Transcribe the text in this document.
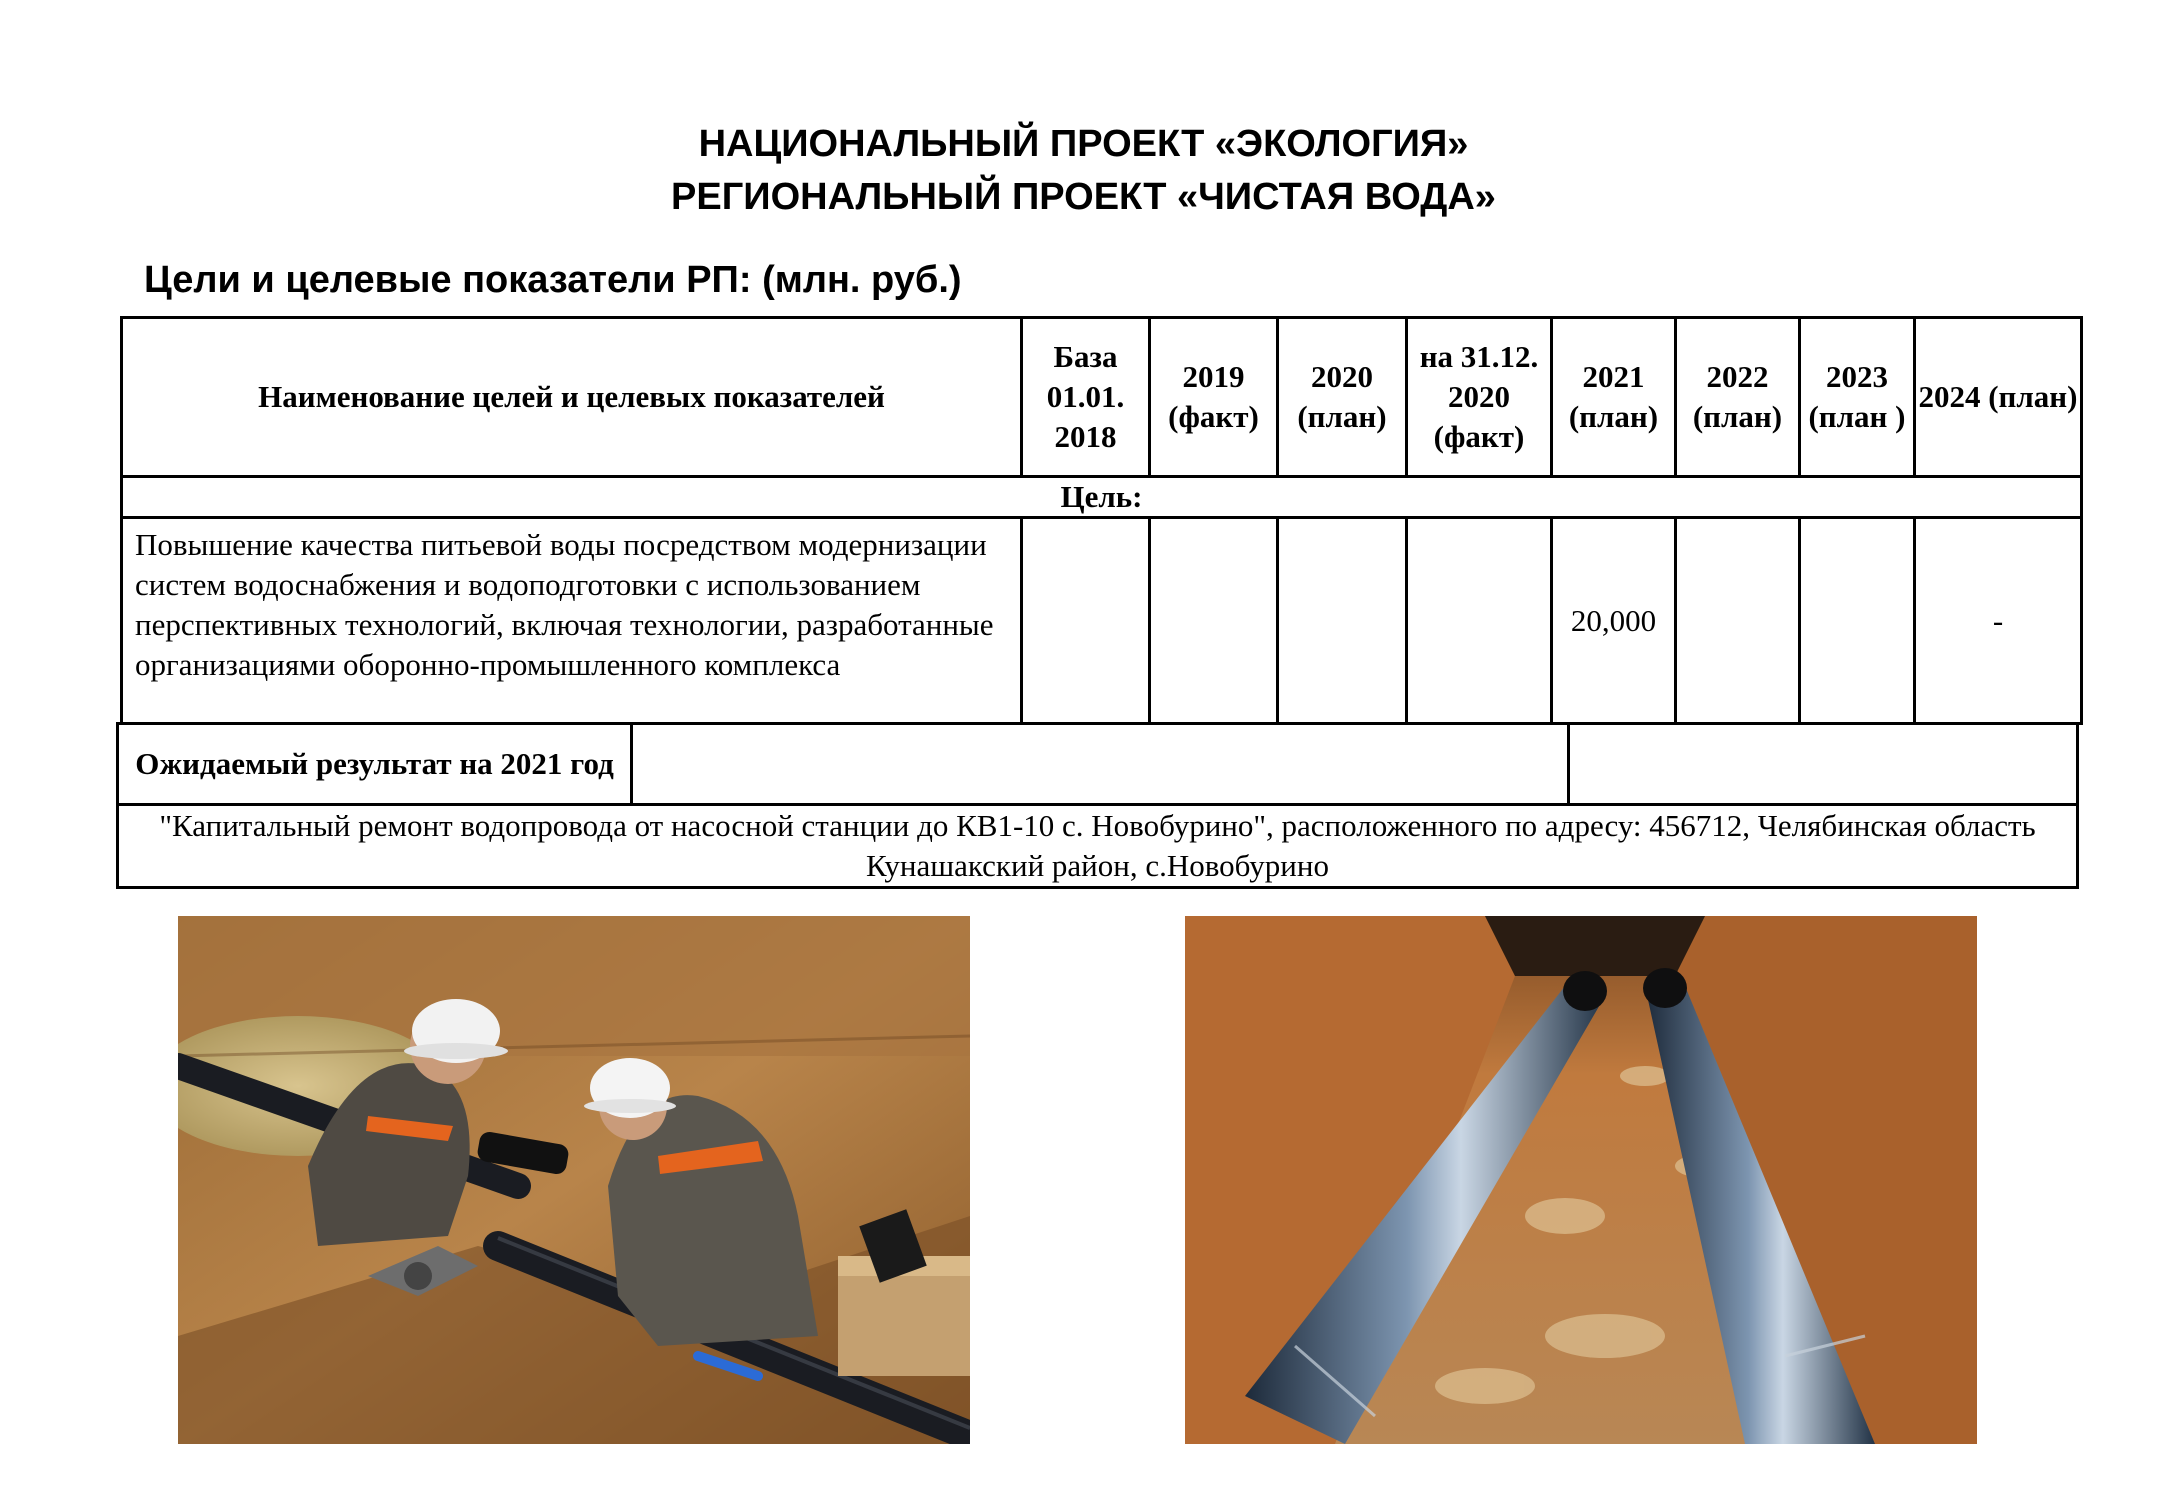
НАЦИОНАЛЬНЫЙ ПРОЕКТ «ЭКОЛОГИЯ»
РЕГИОНАЛЬНЫЙ ПРОЕКТ «ЧИСТАЯ ВОДА»
Цели и целевые показатели РП: (млн. руб.)
Наименование целей и целевых показателей	База 01.01. 2018	2019 (факт)	2020 (план)	на 31.12. 2020 (факт)	2021 (план)	2022 (план)	2023 (план )	2024 (план)
Цель:								
Повышение качества питьевой воды посредством модернизации систем водоснабжения и водоподготовки с использованием перспективных технологий, включая технологии, разработанные организациями оборонно-промышленного комплекса					20,000			-
Ожидаемый результат на 2021 год		
"Капитальный ремонт водопровода от насосной станции до КВ1-10 с. Новобурино", расположенного по адресу: 456712, Челябинская область Кунашакский район, с.Новобурино
